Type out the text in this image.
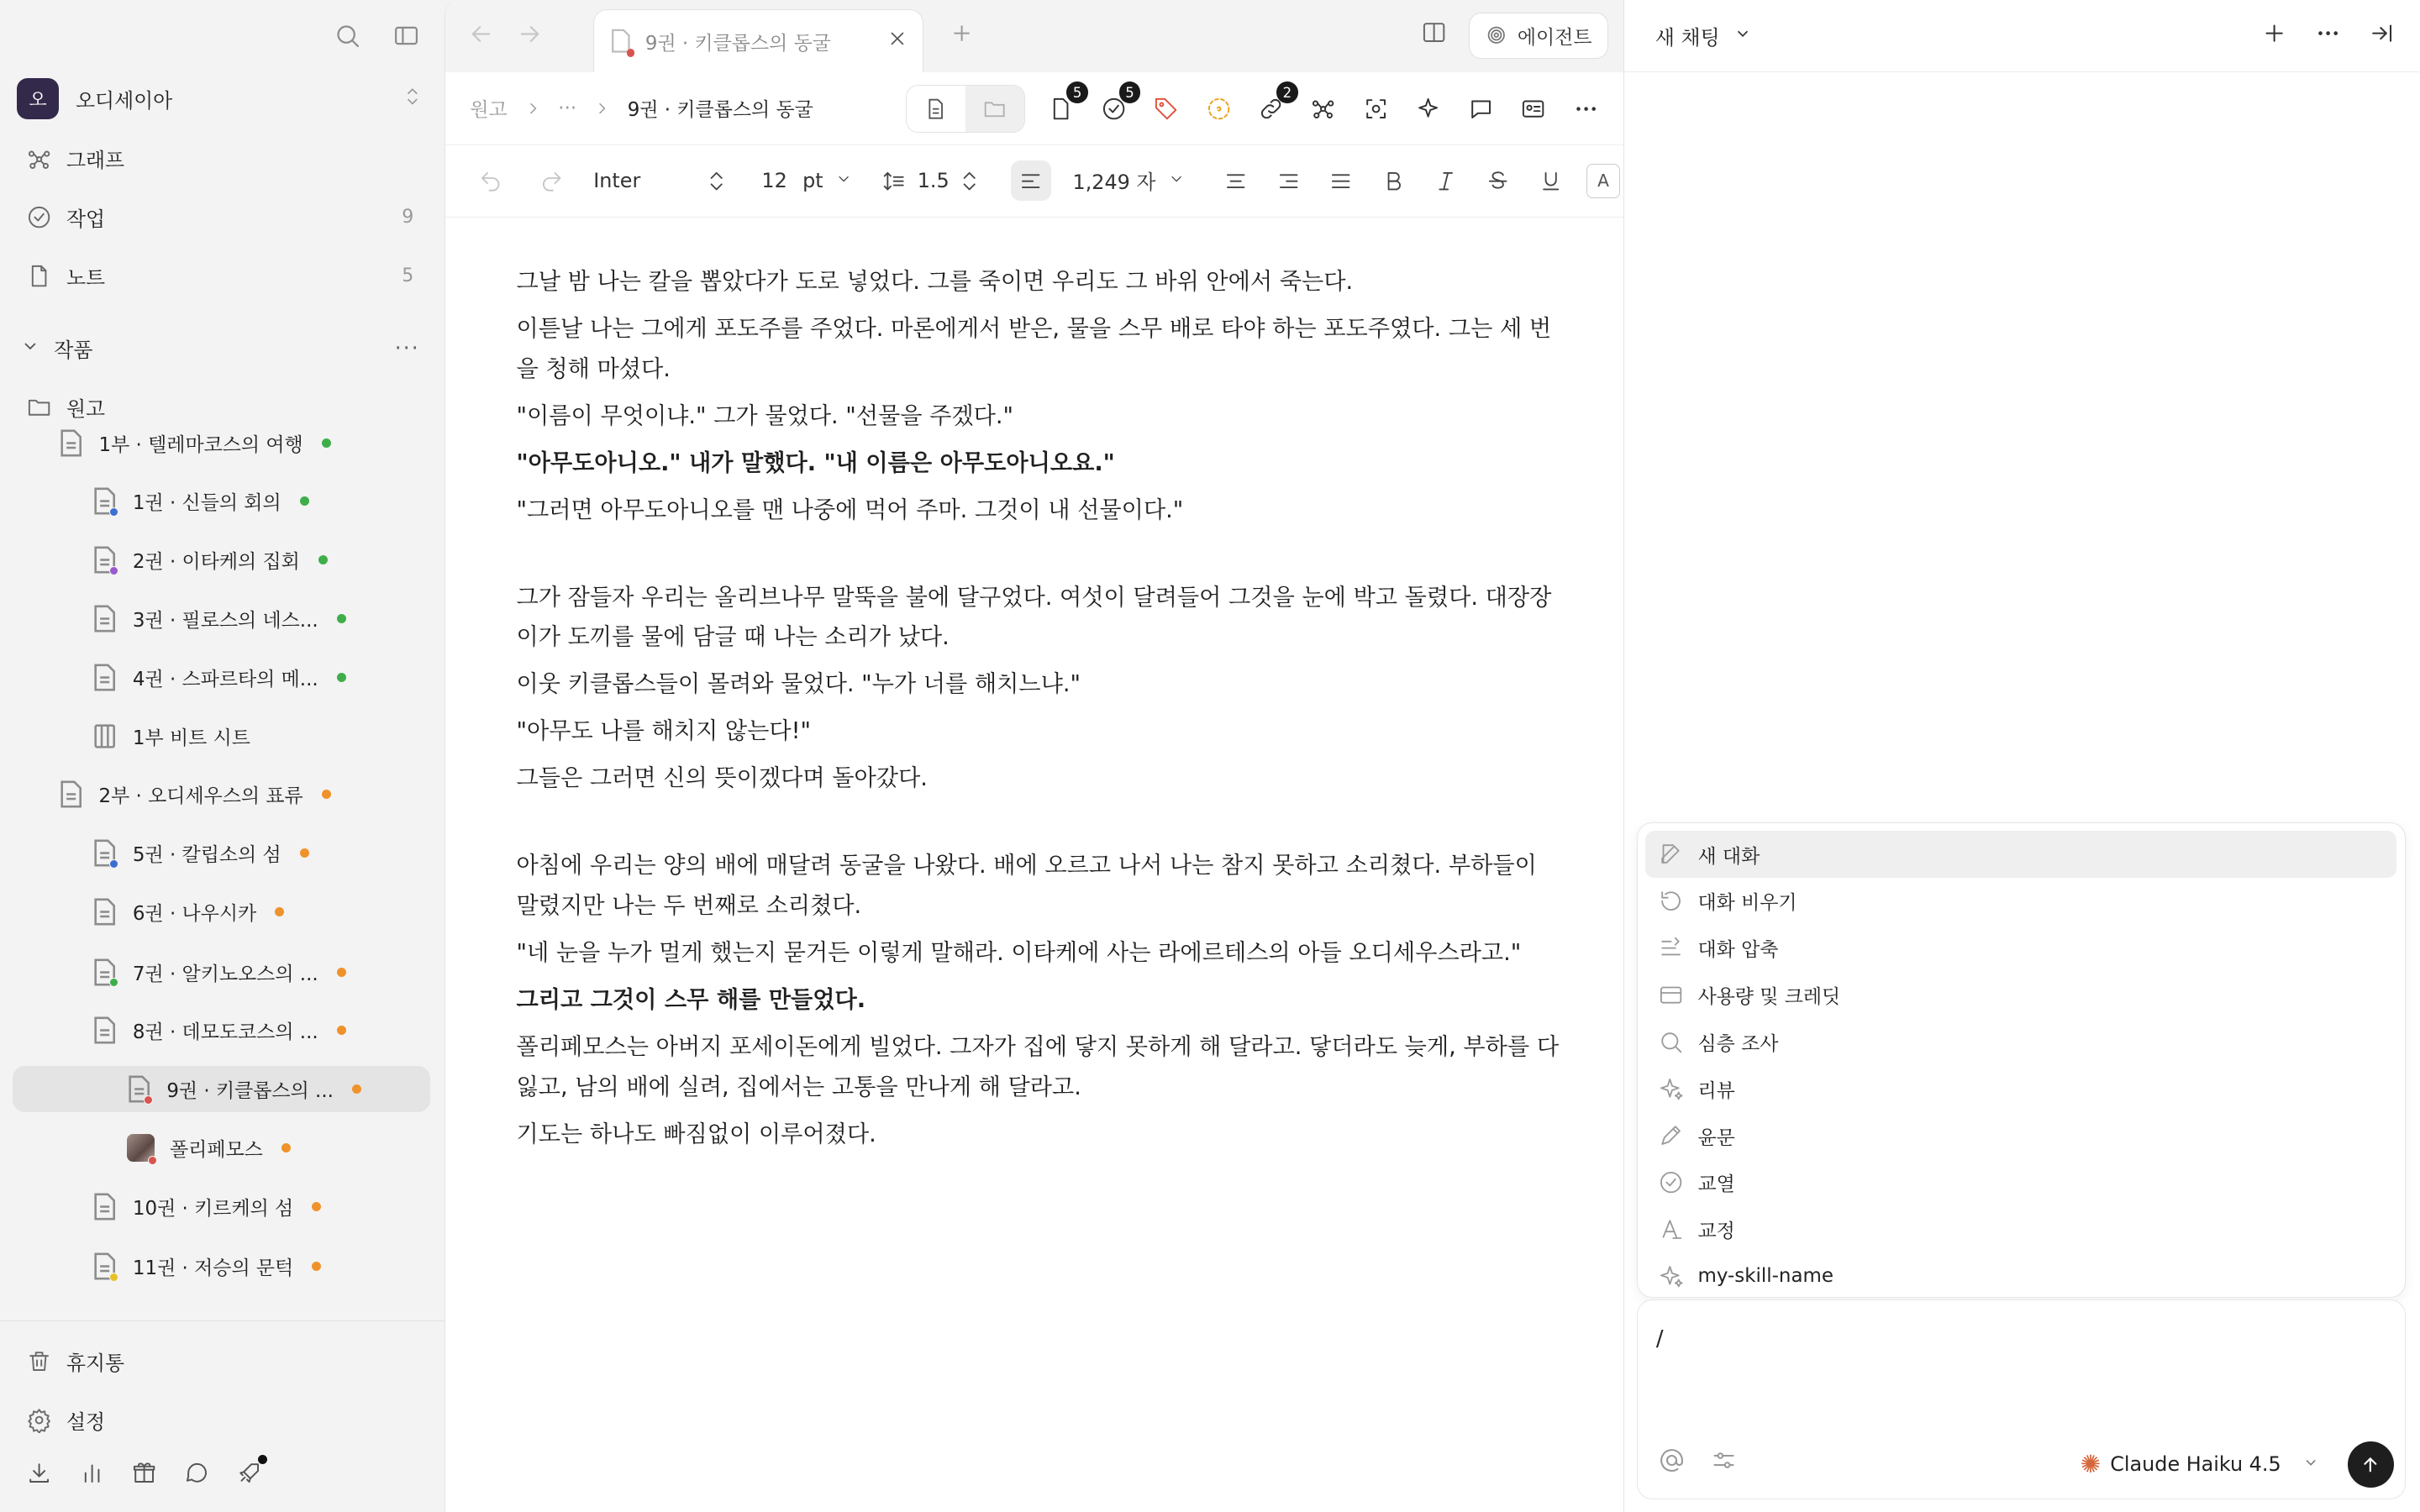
오	오디세이아
그래프
작업	9
노트	5
작품	···
원고
1부 · 텔레마코스의 여행
1권 · 신들의 회의
2권 · 이타케의 집회
3권 · 필로스의 네스...
4권 · 스파르타의 메...
1부 비트 시트
2부 · 오디세우스의 표류
5권 · 칼립소의 섬
6권 · 나우시카
7권 · 알키노오스의 ...
8권 · 데모도코스의 ...
9권 · 키클롭스의 ...
폴리페모스
10권 · 키르케의 섬
11권 · 저승의 문턱
휴지통
설정
9권 · 키클롭스의 동굴	에이전트
원고	···	9권 · 키클롭스의 동굴
5	5	2
Inter	12 pt	1.5	1,249 자	A

그날 밤 나는 칼을 뽑았다가 도로 넣었다. 그를 죽이면 우리도 그 바위 안에서 죽는다.

이튿날 나는 그에게 포도주를 주었다. 마론에게서 받은, 물을 스무 배로 타야 하는 포도주였다. 그는 세 번을 청해 마셨다.

"이름이 무엇이냐." 그가 물었다. "선물을 주겠다."

"아무도아니오." 내가 말했다. "내 이름은 아무도아니오요."

"그러면 아무도아니오를 맨 나중에 먹어 주마. 그것이 내 선물이다."

그가 잠들자 우리는 올리브나무 말뚝을 불에 달구었다. 여섯이 달려들어 그것을 눈에 박고 돌렸다. 대장장이가 도끼를 물에 담글 때 나는 소리가 났다.

이웃 키클롭스들이 몰려와 물었다. "누가 너를 해치느냐."

"아무도 나를 해치지 않는다!"

그들은 그러면 신의 뜻이겠다며 돌아갔다.

아침에 우리는 양의 배에 매달려 동굴을 나왔다. 배에 오르고 나서 나는 참지 못하고 소리쳤다. 부하들이 말렸지만 나는 두 번째로 소리쳤다.

"네 눈을 누가 멀게 했는지 묻거든 이렇게 말해라. 이타케에 사는 라에르테스의 아들 오디세우스라고."

그리고 그것이 스무 해를 만들었다.

폴리페모스는 아버지 포세이돈에게 빌었다. 그자가 집에 닿지 못하게 해 달라고. 닿더라도 늦게, 부하를 다 잃고, 남의 배에 실려, 집에서는 고통을 만나게 해 달라고.

기도는 하나도 빠짐없이 이루어졌다.

새 채팅
새 대화
대화 비우기
대화 압축
사용량 및 크레딧
심층 조사
리뷰
윤문
교열
교정
my-skill-name
/
✺ Claude Haiku 4.5
